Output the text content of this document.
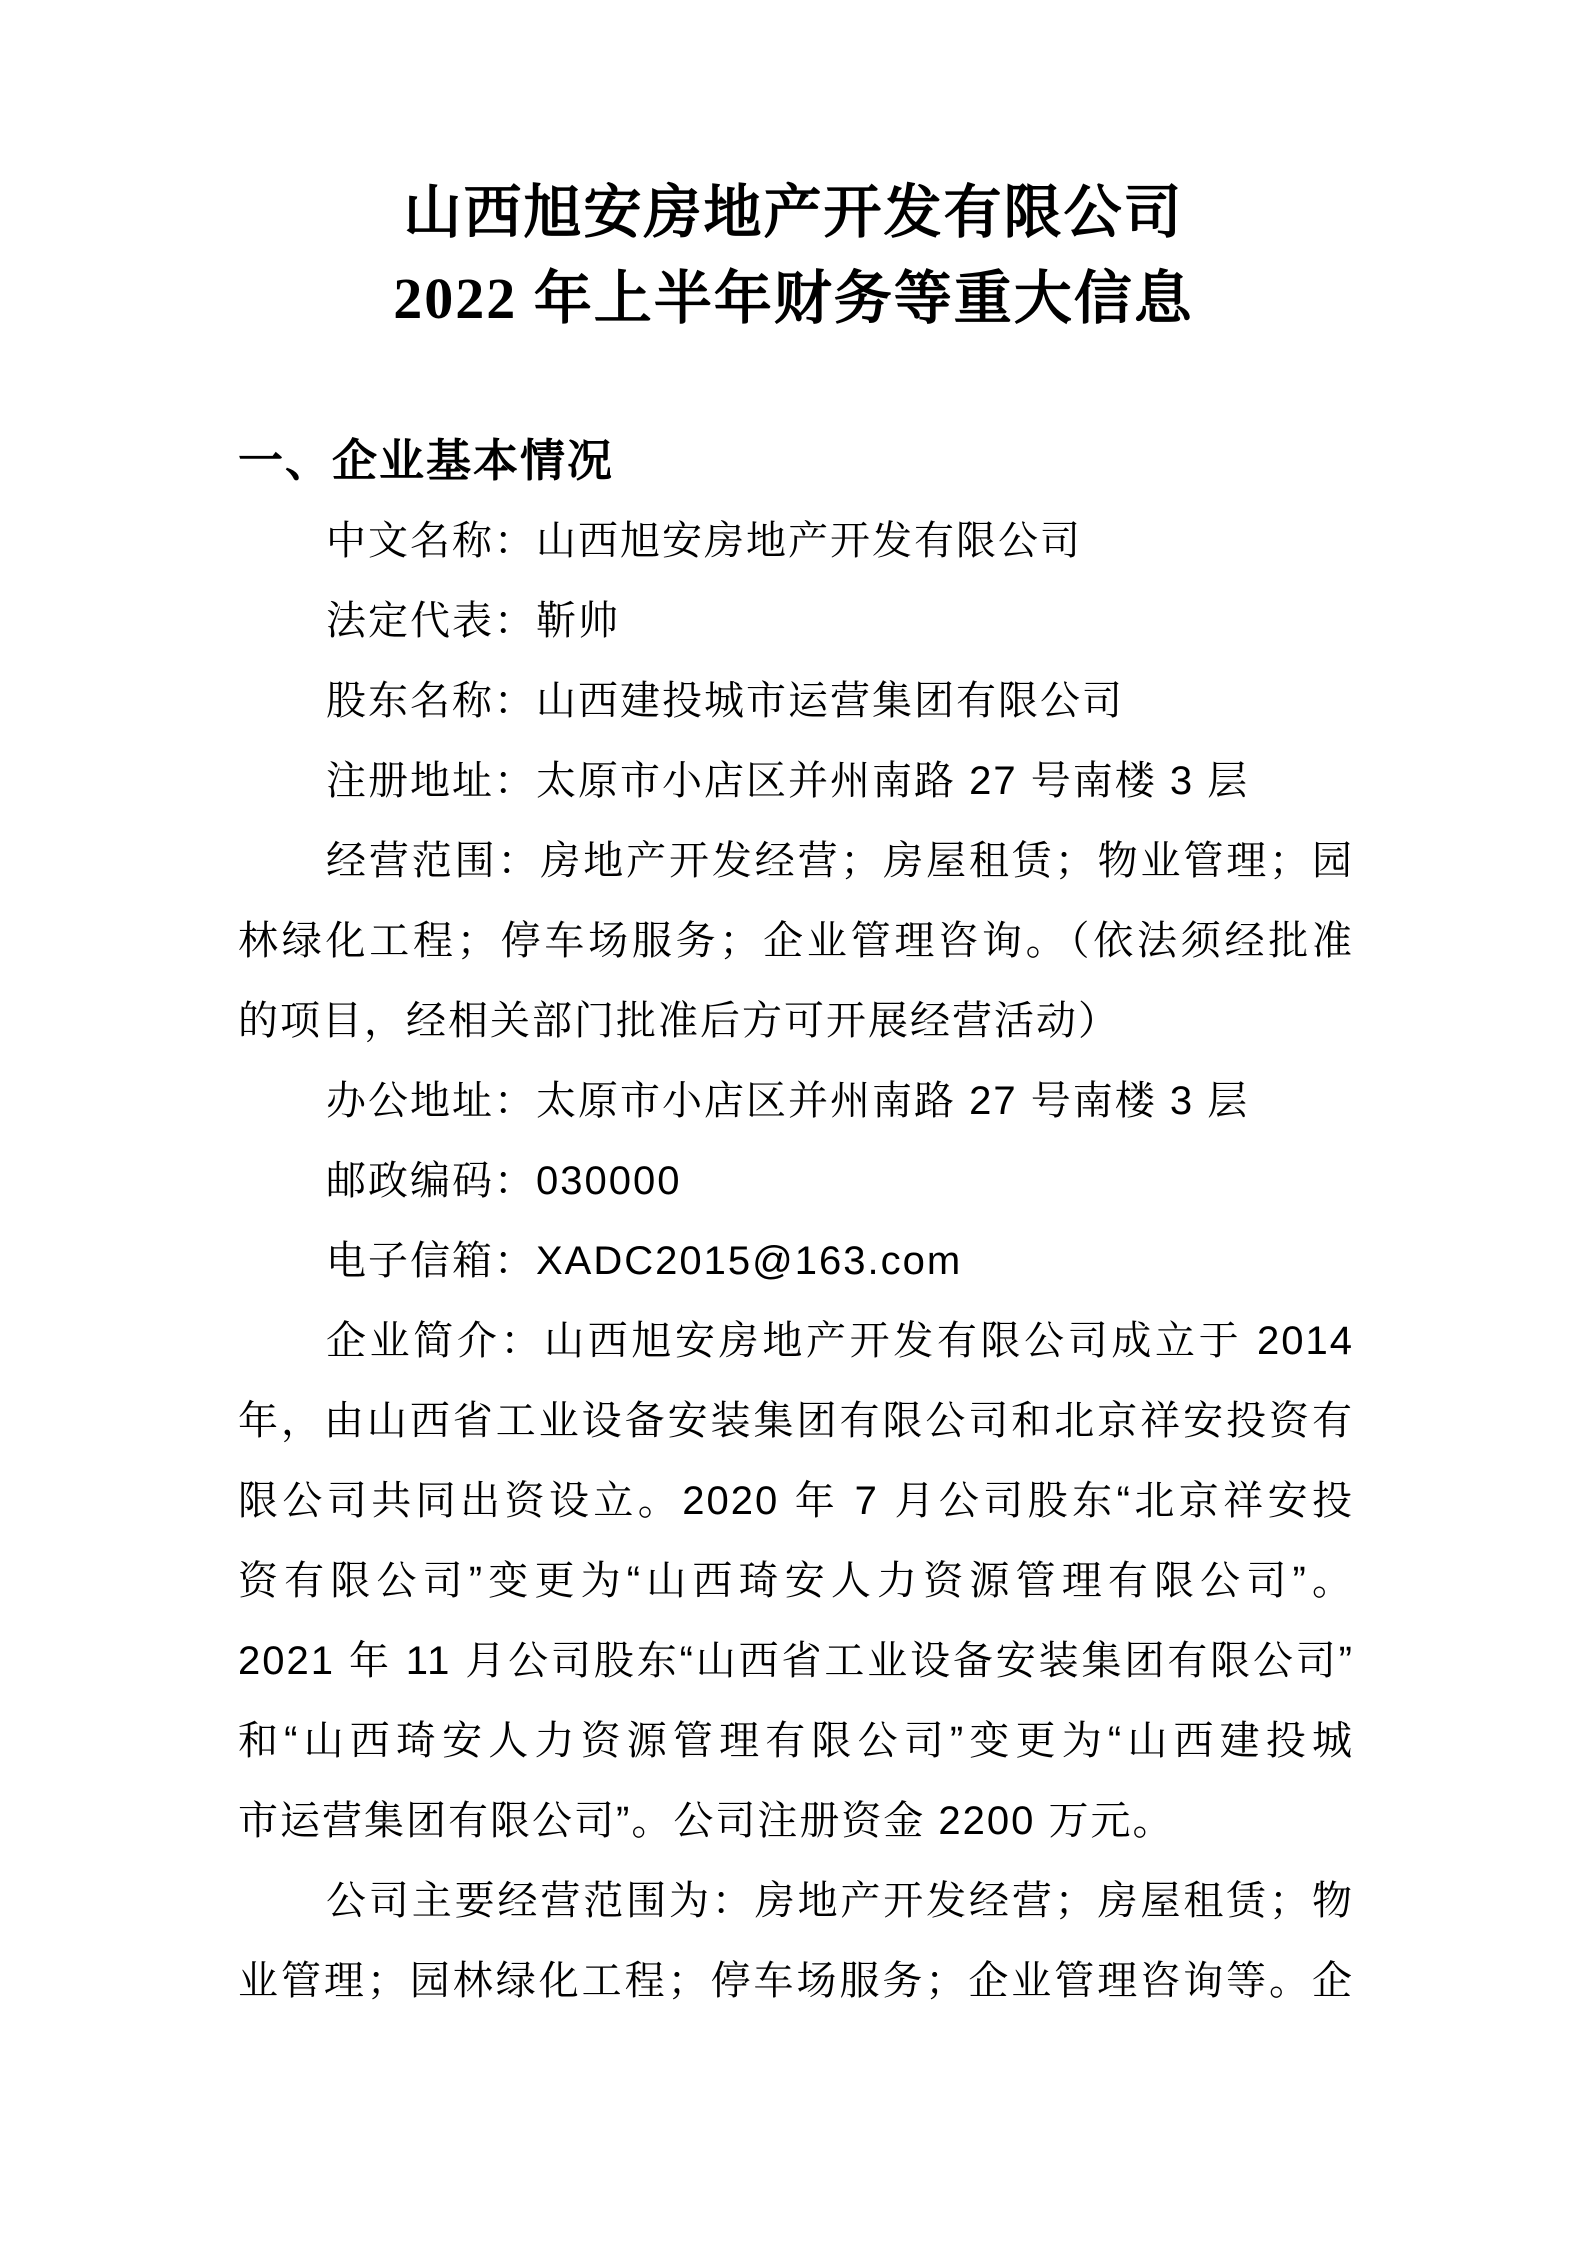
山西旭安房地产开发有限公司
2022 年上半年财务等重大信息
一、企业基本情况
中文名称：山西旭安房地产开发有限公司
法定代表：靳帅
股东名称：山西建投城市运营集团有限公司
注册地址：太原市小店区并州南路 27 号南楼 3 层
经营范围：房地产开发经营；房屋租赁；物业管理；园
林绿化工程；停车场服务；企业管理咨询。（依法须经批准
的项目，经相关部门批准后方可开展经营活动）
办公地址：太原市小店区并州南路 27 号南楼 3 层
邮政编码：030000
电子信箱：XADC2015@163.com
企业简介：山西旭安房地产开发有限公司成立于 2014
年，由山西省工业设备安装集团有限公司和北京祥安投资有
限公司共同出资设立。2020 年 7 月公司股东“北京祥安投
资有限公司”变更为“山西琦安人力资源管理有限公司”。
2021 年 11 月公司股东“山西省工业设备安装集团有限公司”
和“山西琦安人力资源管理有限公司”变更为“山西建投城
市运营集团有限公司”。公司注册资金 2200 万元。
公司主要经营范围为：房地产开发经营；房屋租赁；物
业管理；园林绿化工程；停车场服务；企业管理咨询等。企
